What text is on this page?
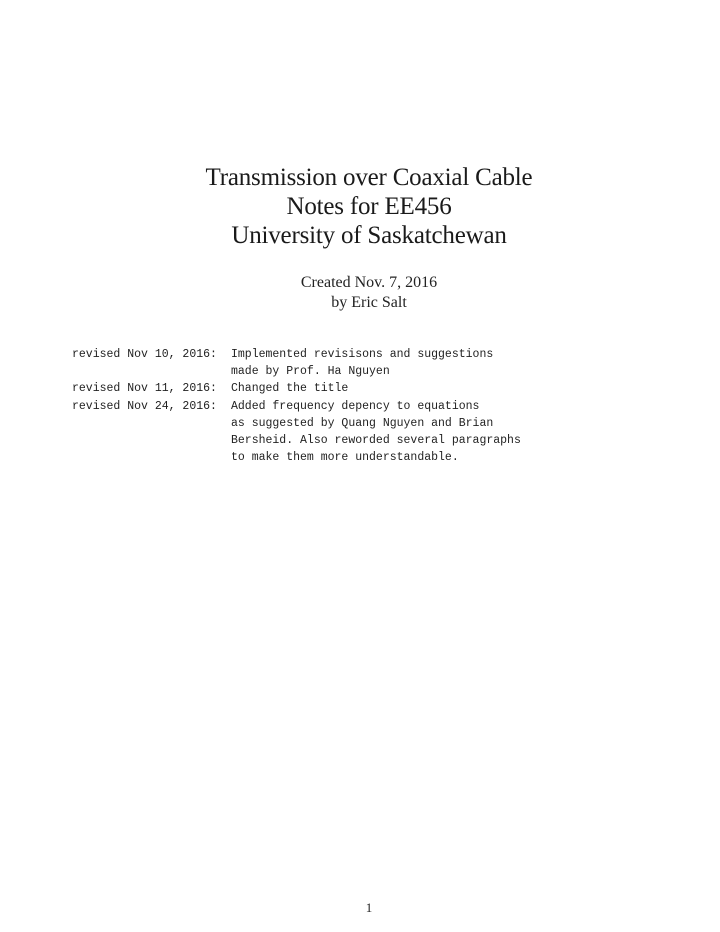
Transmission over Coaxial Cable
Notes for EE456
University of Saskatchewan
Created Nov. 7, 2016
by Eric Salt
revised Nov 10, 2016:	Implemented revisisons and suggestions
made by Prof. Ha Nguyen
revised Nov 11, 2016:	Changed the title
revised Nov 24, 2016:	Added frequency depency to equations
as suggested by Quang Nguyen and Brian
Bersheid. Also reworded several paragraphs
to make them more understandable.
1
